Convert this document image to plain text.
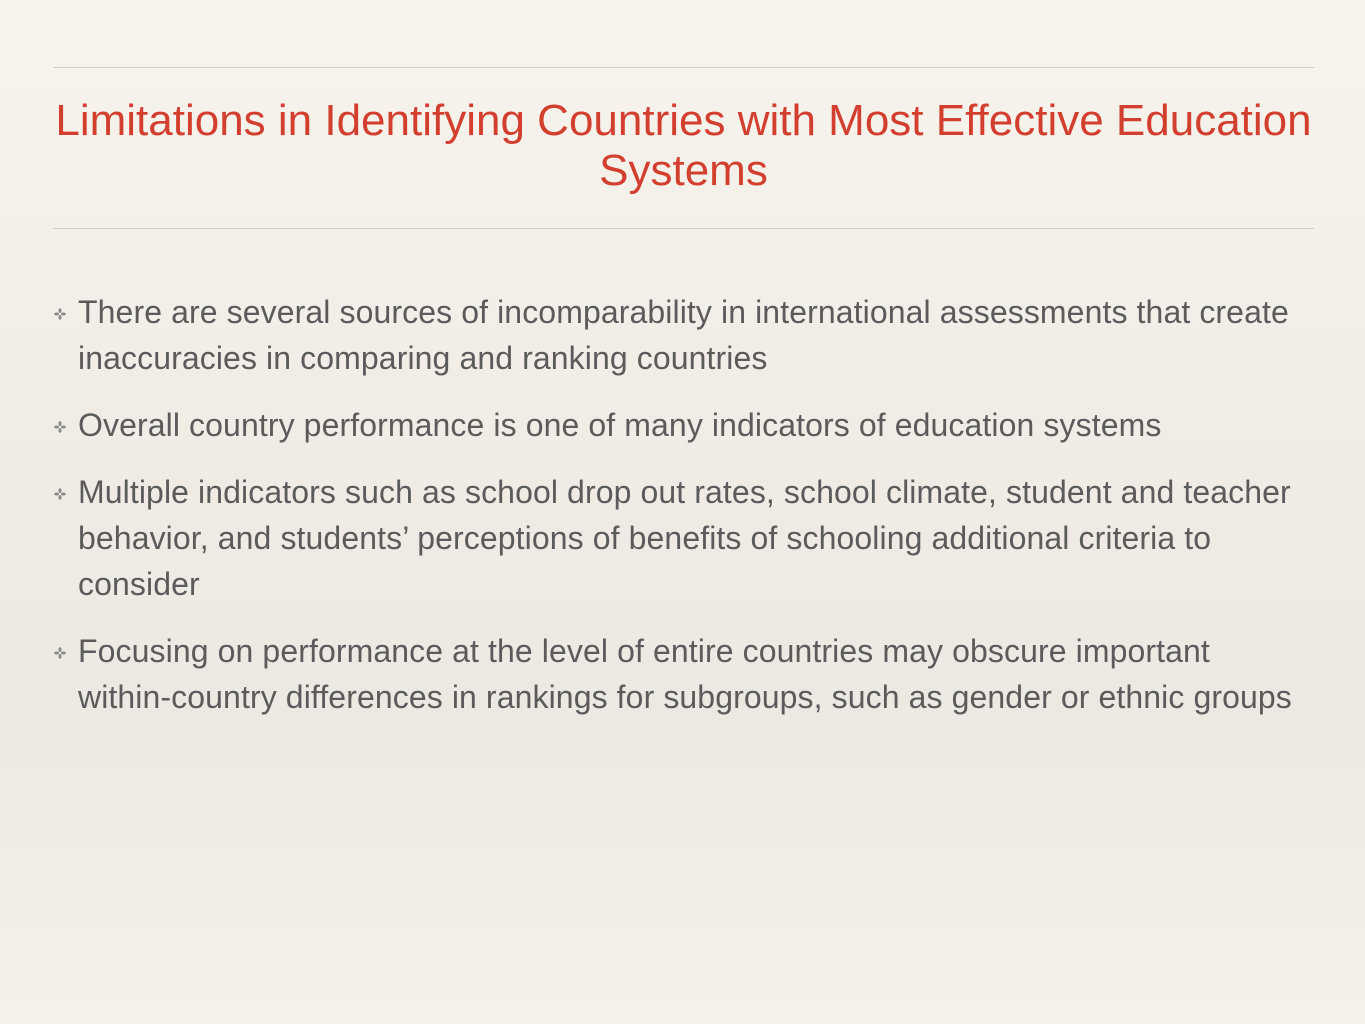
Limitations in Identifying Countries with Most Effective Education Systems
There are several sources of incomparability in international assessments that create inaccuracies in comparing and ranking countries
Overall country performance is one of many indicators of education systems
Multiple indicators such as school drop out rates, school climate, student and teacher behavior, and students’ perceptions of benefits of schooling additional criteria to consider
Focusing on performance at the level of entire countries may obscure important within-country differences in rankings for subgroups, such as gender or ethnic groups
